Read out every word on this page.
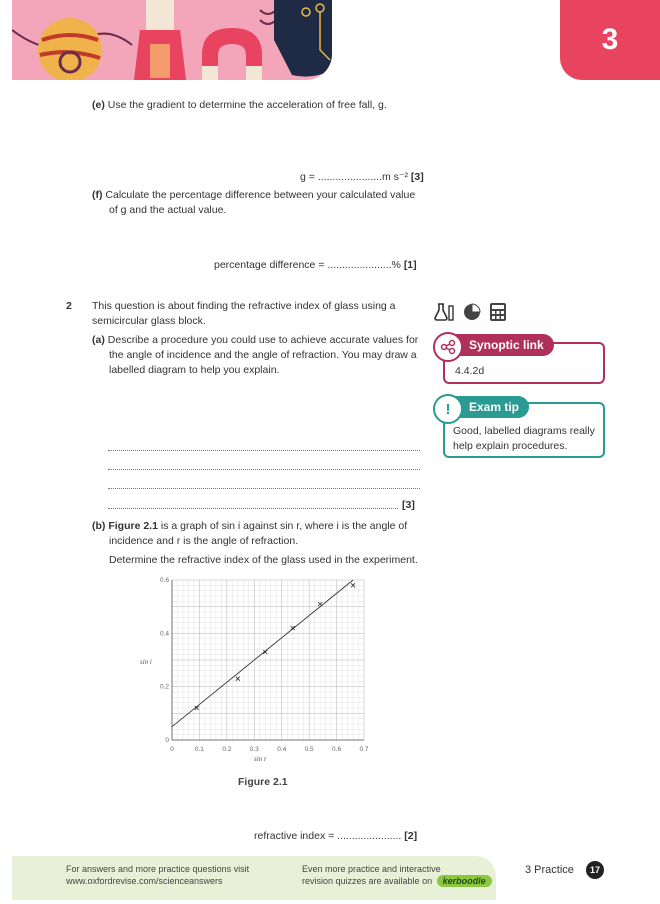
3
(e) Use the gradient to determine the acceleration of free fall, g.
g = ......................m s⁻² [3]
(f) Calculate the percentage difference between your calculated value
of g and the actual value.
percentage difference = ......................% [1]
2 This question is about finding the refractive index of glass using a
semicircular glass block.
(a) Describe a procedure you could use to achieve accurate values for
the angle of incidence and the angle of refraction. You may draw a
labelled diagram to help you explain.
[3]
Synoptic link
4.4.2d
Exam tip
!
Good, labelled diagrams really
help explain procedures.
(b) Figure 2.1 is a graph of sin i against sin r, where i is the angle of
incidence and r is the angle of refraction.
Determine the refractive index of the glass used in the experiment.
0	0.1	0.2	0.3	0.4	0.5	0.6	0.7
0
0.2
0.4
0.6
sin r
sin i
Figure 2.1
refractive index = ...................... [2]
For answers and more practice questions visit
www.oxfordrevise.com/scienceanswers
Even more practice and interactive
revision quizzes are available on kerboodle
3 Practice	17
